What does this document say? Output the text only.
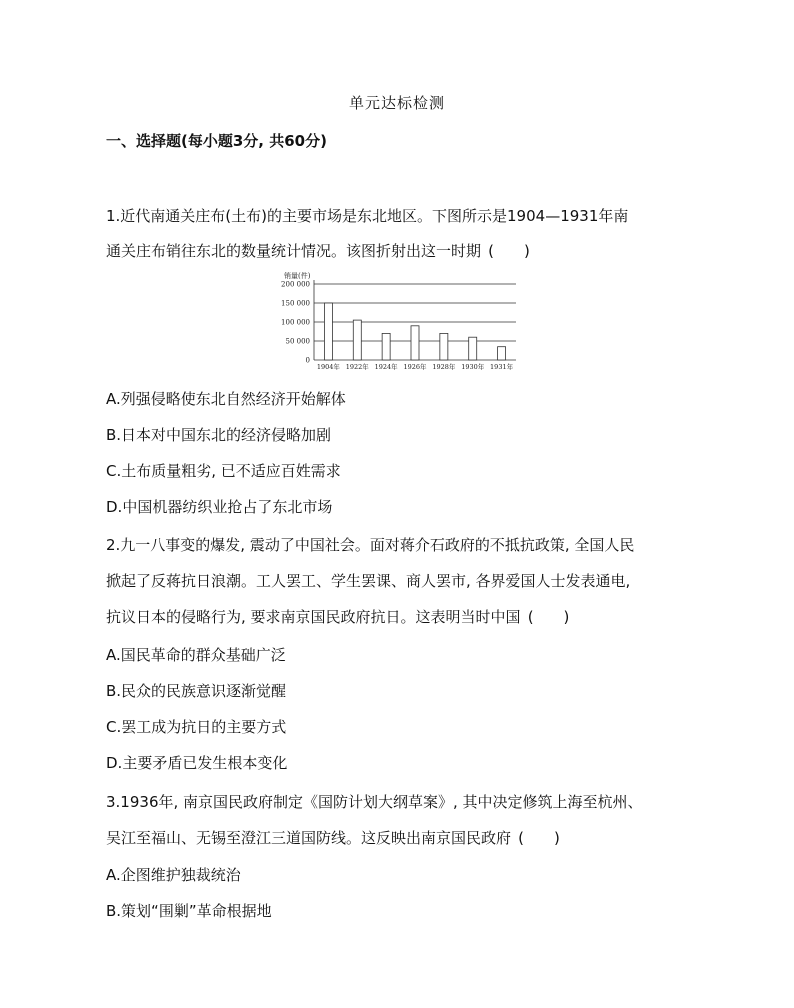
单元达标检测
一、选择题(每小题3分, 共60分)
1.近代南通关庄布(土布)的主要市场是东北地区。下图所示是1904—1931年南
通关庄布销往东北的数量统计情况。该图折射出这一时期 (　　)
销量(件)
0
50 000
100 000
150 000
200 000
1904年 1922年 1924年 1926年 1928年 1930年 1931年
A.列强侵略使东北自然经济开始解体
B.日本对中国东北的经济侵略加剧
C.土布质量粗劣, 已不适应百姓需求
D.中国机器纺织业抢占了东北市场
2.九一八事变的爆发, 震动了中国社会。面对蒋介石政府的不抵抗政策, 全国人民
掀起了反蒋抗日浪潮。工人罢工、学生罢课、商人罢市, 各界爱国人士发表通电,
抗议日本的侵略行为, 要求南京国民政府抗日。这表明当时中国 (　　)
A.国民革命的群众基础广泛
B.民众的民族意识逐渐觉醒
C.罢工成为抗日的主要方式
D.主要矛盾已发生根本变化
3.1936年, 南京国民政府制定《国防计划大纲草案》, 其中决定修筑上海至杭州、
吴江至福山、无锡至澄江三道国防线。这反映出南京国民政府 (　　)
A.企图维护独裁统治
B.策划“围剿”革命根据地
